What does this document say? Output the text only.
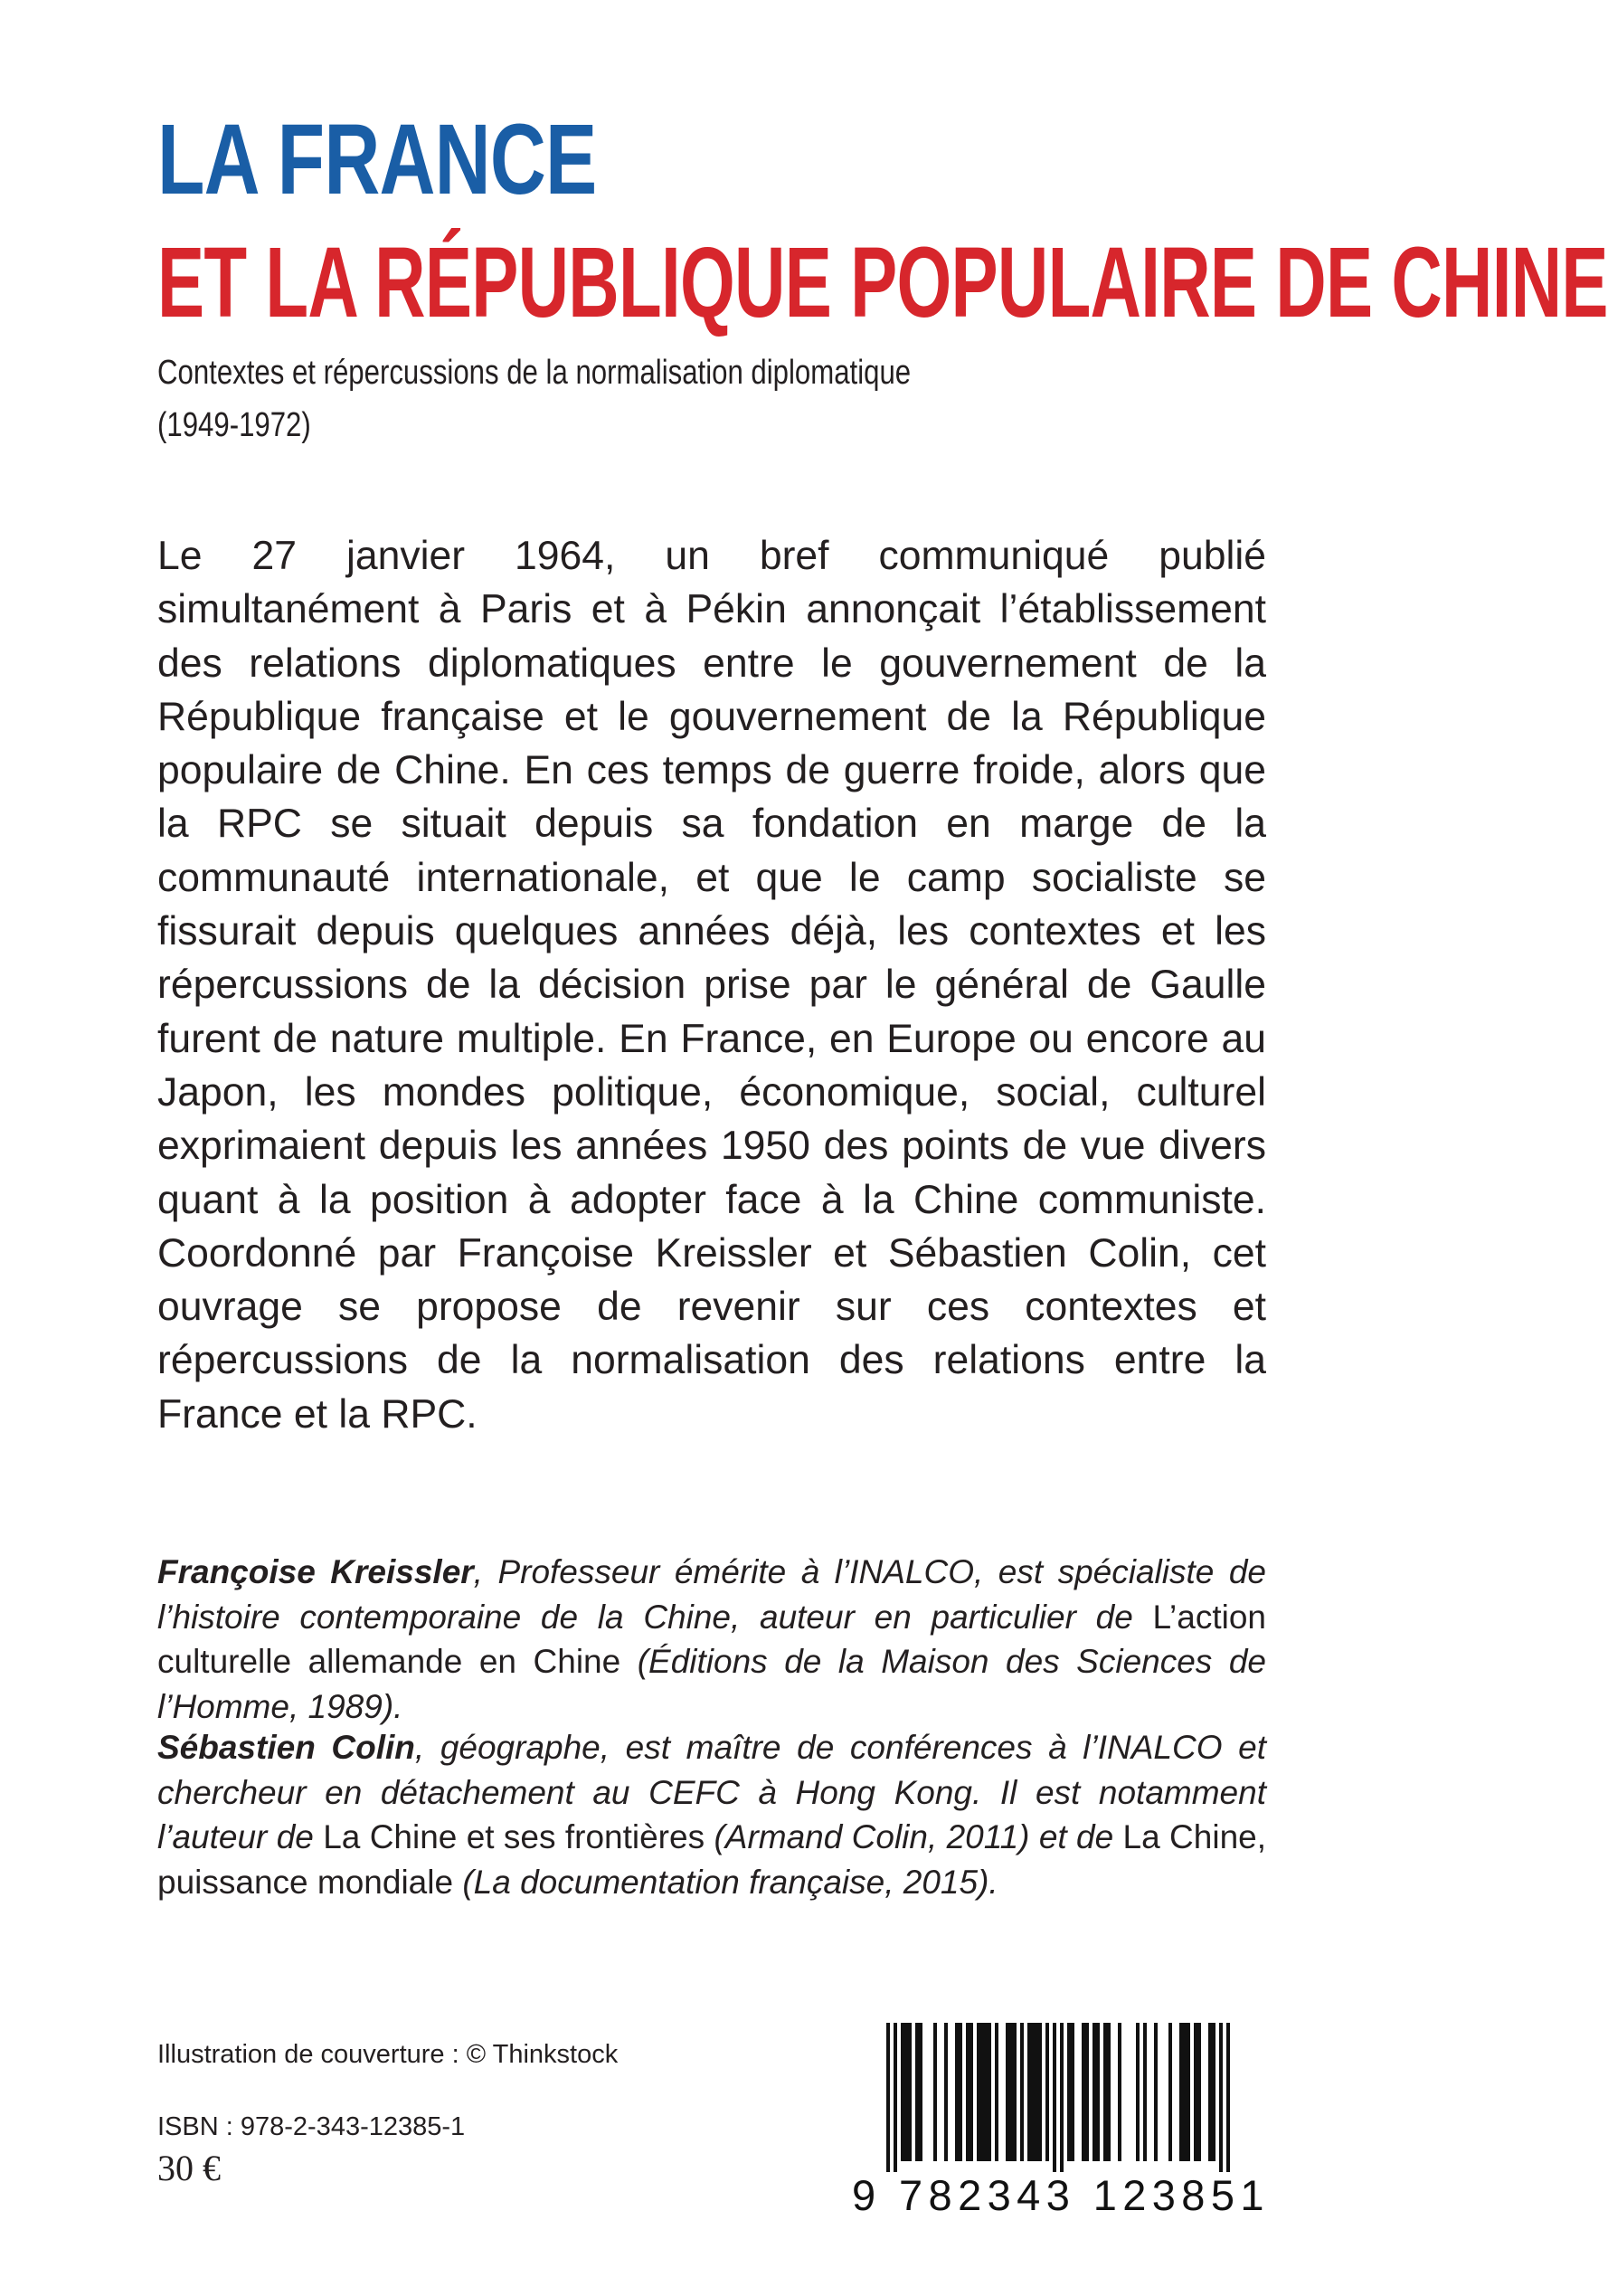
LA FRANCE
ET LA RÉPUBLIQUE POPULAIRE DE CHINE

Contextes et répercussions de la normalisation diplomatique

(1949-1972)

Le 27 janvier 1964, un bref communiqué publié simultanément à Paris et à Pékin annonçait l’établissement des relations diplomatiques entre le gouvernement de la République française et le gouvernement de la République populaire de Chine. En ces temps de guerre froide, alors que la RPC se situait depuis sa fondation en marge de la communauté internationale, et que le camp socialiste se fissurait depuis quelques années déjà, les contextes et les répercussions de la décision prise par le général de Gaulle furent de nature multiple. En France, en Europe ou encore au Japon, les mondes politique, économique, social, culturel exprimaient depuis les années 1950 des points de vue divers quant à la position à adopter face à la Chine communiste. Coordonné par Françoise Kreissler et Sébastien Colin, cet ouvrage se propose de revenir sur ces contextes et répercussions de la normalisation des relations entre la France et la RPC.

Françoise Kreissler, Professeur émérite à l’INALCO, est spécialiste de l’histoire contemporaine de la Chine, auteur en particulier de L’action culturelle allemande en Chine (Éditions de la Maison des Sciences de l’Homme, 1989).

Sébastien Colin, géographe, est maître de conférences à l’INALCO et chercheur en détachement au CEFC à Hong Kong. Il est notamment l’auteur de La Chine et ses frontières (Armand Colin, 2011) et de La Chine, puissance mondiale (La documentation française, 2015).

Illustration de couverture : © Thinkstock

ISBN : 978-2-343-12385-1

30 €

9 782343 123851
